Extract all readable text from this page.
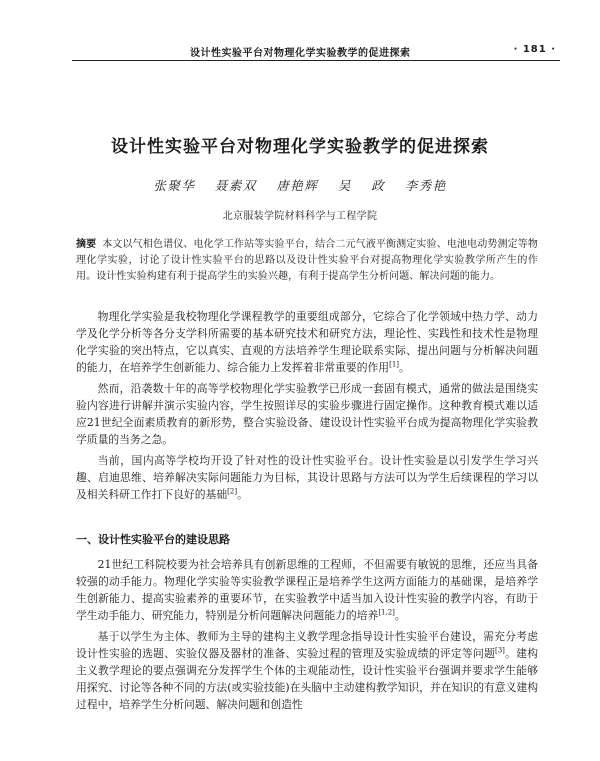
设计性实验平台对物理化学实验教学的促进探索	· 181 ·
设计性实验平台对物理化学实验教学的促进探索
张聚华 聂素双 唐艳辉 吴 政 李秀艳
北京服装学院材料科学与工程学院
摘要 本文以气相色谱仪、电化学工作站等实验平台，结合二元气液平衡测定实验、电池电动势测定等物理化学实验，讨论了设计性实验平台的思路以及设计性实验平台对提高物理化学实验教学所产生的作用。设计性实验构建有利于提高学生的实验兴趣，有利于提高学生分析问题、解决问题的能力。

物理化学实验是我校物理化学课程教学的重要组成部分，它综合了化学领域中热力学、动力学及化学分析等各分支学科所需要的基本研究技术和研究方法，理论性、实践性和技术性是物理化学实验的突出特点，它以真实、直观的方法培养学生理论联系实际、提出问题与分析解决问题的能力，在培养学生创新能力、综合能力上发挥着非常重要的作用[1]。

然而，沿袭数十年的高等学校物理化学实验教学已形成一套固有模式，通常的做法是围绕实验内容进行讲解并演示实验内容，学生按照详尽的实验步骤进行固定操作。这种教育模式难以适应21世纪全面素质教育的新形势，整合实验设备、建设设计性实验平台成为提高物理化学实验教学质量的当务之急。

当前，国内高等学校均开设了针对性的设计性实验平台。设计性实验是以引发学生学习兴趣、启迪思维、培养解决实际问题能力为目标，其设计思路与方法可以为学生后续课程的学习以及相关科研工作打下良好的基础[2]。

一、设计性实验平台的建设思路

21世纪工科院校要为社会培养具有创新思维的工程师，不但需要有敏锐的思维，还应当具备较强的动手能力。物理化学实验等实验教学课程正是培养学生这两方面能力的基础课，是培养学生创新能力、提高实验素养的重要环节，在实验教学中适当加入设计性实验的教学内容，有助于学生动手能力、研究能力，特别是分析问题解决问题能力的培养[1,2]。

基于以学生为主体、教师为主导的建构主义教学理念指导设计性实验平台建设，需充分考虑设计性实验的选题、实验仪器及器材的准备、实验过程的管理及实验成绩的评定等问题[3]。建构主义教学理论的要点强调充分发挥学生个体的主观能动性，设计性实验平台强调并要求学生能够用探究、讨论等各种不同的方法(或实验技能)在头脑中主动建构教学知识，并在知识的有意义建构过程中，培养学生分析问题、解决问题和创造性
